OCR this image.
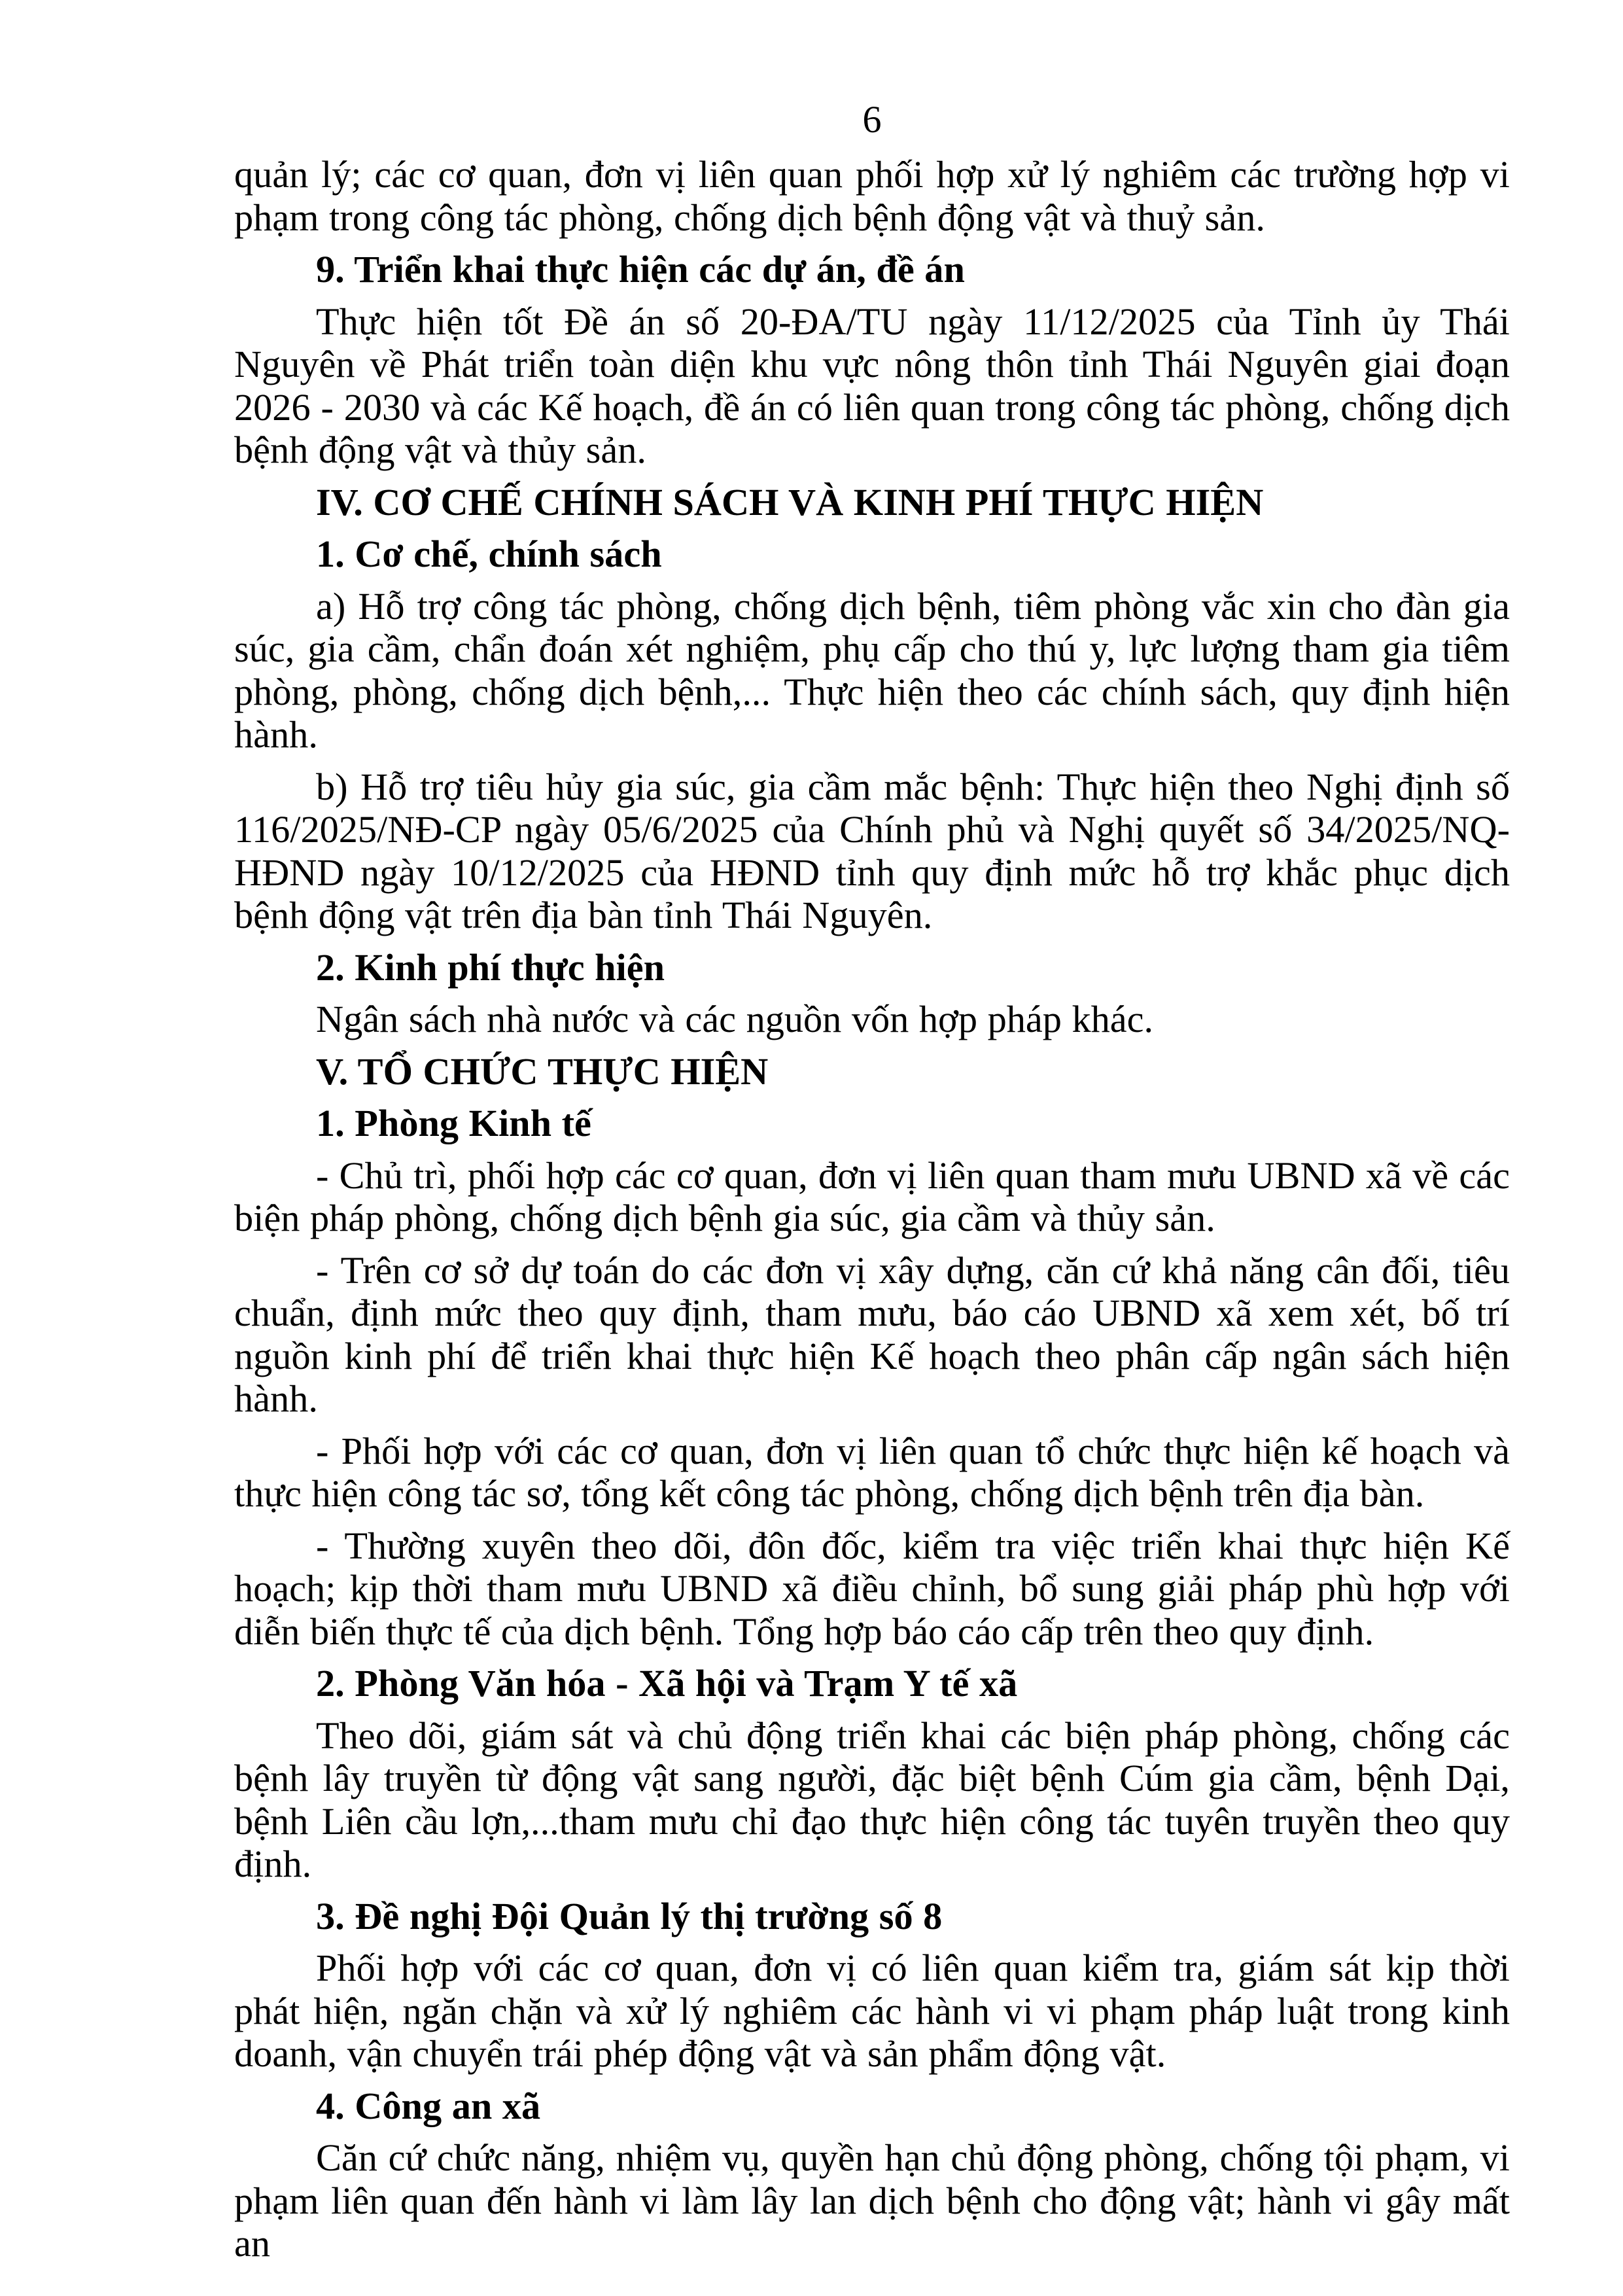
6
quản lý; các cơ quan, đơn vị liên quan phối hợp xử lý nghiêm các trường hợp vi phạm trong công tác phòng, chống dịch bệnh động vật và thuỷ sản.
9. Triển khai thực hiện các dự án, đề án
Thực hiện tốt Đề án số 20-ĐA/TU ngày 11/12/2025 của Tỉnh ủy Thái Nguyên về Phát triển toàn diện khu vực nông thôn tỉnh Thái Nguyên giai đoạn 2026 - 2030 và các Kế hoạch, đề án có liên quan trong công tác phòng, chống dịch bệnh động vật và thủy sản.
IV. CƠ CHẾ CHÍNH SÁCH VÀ KINH PHÍ THỰC HIỆN
1. Cơ chế, chính sách
a) Hỗ trợ công tác phòng, chống dịch bệnh, tiêm phòng vắc xin cho đàn gia súc, gia cầm, chẩn đoán xét nghiệm, phụ cấp cho thú y, lực lượng tham gia tiêm phòng, phòng, chống dịch bệnh,... Thực hiện theo các chính sách, quy định hiện hành.
b) Hỗ trợ tiêu hủy gia súc, gia cầm mắc bệnh: Thực hiện theo Nghị định số 116/2025/NĐ-CP ngày 05/6/2025 của Chính phủ và Nghị quyết số 34/2025/NQ-HĐND ngày 10/12/2025 của HĐND tỉnh quy định mức hỗ trợ khắc phục dịch bệnh động vật trên địa bàn tỉnh Thái Nguyên.
2. Kinh phí thực hiện
Ngân sách nhà nước và các nguồn vốn hợp pháp khác.
V. TỔ CHỨC THỰC HIỆN
1. Phòng Kinh tế
- Chủ trì, phối hợp các cơ quan, đơn vị liên quan tham mưu UBND xã về các biện pháp phòng, chống dịch bệnh gia súc, gia cầm và thủy sản.
- Trên cơ sở dự toán do các đơn vị xây dựng, căn cứ khả năng cân đối, tiêu chuẩn, định mức theo quy định, tham mưu, báo cáo UBND xã xem xét, bố trí nguồn kinh phí để triển khai thực hiện Kế hoạch theo phân cấp ngân sách hiện hành.
- Phối hợp với các cơ quan, đơn vị liên quan tổ chức thực hiện kế hoạch và thực hiện công tác sơ, tổng kết công tác phòng, chống dịch bệnh trên địa bàn.
- Thường xuyên theo dõi, đôn đốc, kiểm tra việc triển khai thực hiện Kế hoạch; kịp thời tham mưu UBND xã điều chỉnh, bổ sung giải pháp phù hợp với diễn biến thực tế của dịch bệnh. Tổng hợp báo cáo cấp trên theo quy định.
2. Phòng Văn hóa - Xã hội và Trạm Y tế xã
Theo dõi, giám sát và chủ động triển khai các biện pháp phòng, chống các bệnh lây truyền từ động vật sang người, đặc biệt bệnh Cúm gia cầm, bệnh Dại, bệnh Liên cầu lợn,...tham mưu chỉ đạo thực hiện công tác tuyên truyền theo quy định.
3. Đề nghị Đội Quản lý thị trường số 8
Phối hợp với các cơ quan, đơn vị có liên quan kiểm tra, giám sát kịp thời phát hiện, ngăn chặn và xử lý nghiêm các hành vi vi phạm pháp luật trong kinh doanh, vận chuyển trái phép động vật và sản phẩm động vật.
4. Công an xã
Căn cứ chức năng, nhiệm vụ, quyền hạn chủ động phòng, chống tội phạm, vi phạm liên quan đến hành vi làm lây lan dịch bệnh cho động vật; hành vi gây mất an
